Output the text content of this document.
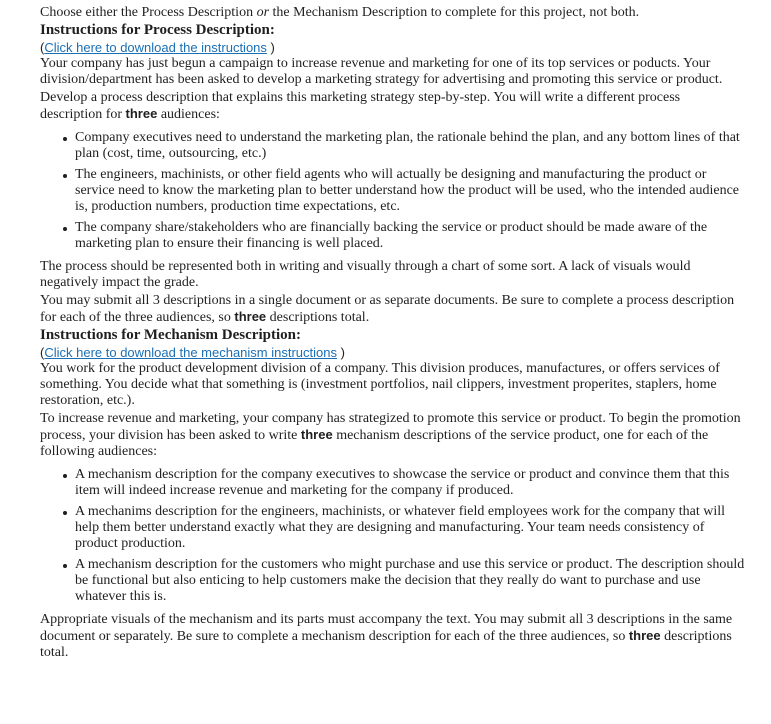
Choose either the Process Description or the Mechanism Description to complete for this project, not both.

Instructions for Process Description:

(Click here to download the instructions )

Your company has just begun a campaign to increase revenue and marketing for one of its top services or poducts. Your division/department has been asked to develop a marketing strategy for advertising and promoting this service or product.

Develop a process description that explains this marketing strategy step-by-step. You will write a different process description for three audiences:

Company executives need to understand the marketing plan, the rationale behind the plan, and any bottom lines of that plan (cost, time, outsourcing, etc.)
The engineers, machinists, or other field agents who will actually be designing and manufacturing the product or service need to know the marketing plan to better understand how the product will be used, who the intended audience is, production numbers, production time expectations, etc.
The company share/stakeholders who are financially backing the service or product should be made aware of the marketing plan to ensure their financing is well placed.

The process should be represented both in writing and visually through a chart of some sort. A lack of visuals would negatively impact the grade.

You may submit all 3 descriptions in a single document or as separate documents. Be sure to complete a process description for each of the three audiences, so three descriptions total.

Instructions for Mechanism Description:

(Click here to download the mechanism instructions )

You work for the product development division of a company. This division produces, manufactures, or offers services of something. You decide what that something is (investment portfolios, nail clippers, investment properites, staplers, home restoration, etc.).

To increase revenue and marketing, your company has strategized to promote this service or product. To begin the promotion process, your division has been asked to write three mechanism descriptions of the service product, one for each of the following audiences:

A mechanism description for the company executives to showcase the service or product and convince them that this item will indeed increase revenue and marketing for the company if produced.
A mechanims description for the engineers, machinists, or whatever field employees work for the company that will help them better understand exactly what they are designing and manufacturing. Your team needs consistency of product production.
A mechanism description for the customers who might purchase and use this service or product. The description should be functional but also enticing to help customers make the decision that they really do want to purchase and use whatever this is.

Appropriate visuals of the mechanism and its parts must accompany the text. You may submit all 3 descriptions in the same document or separately. Be sure to complete a mechanism description for each of the three audiences, so three descriptions total.
